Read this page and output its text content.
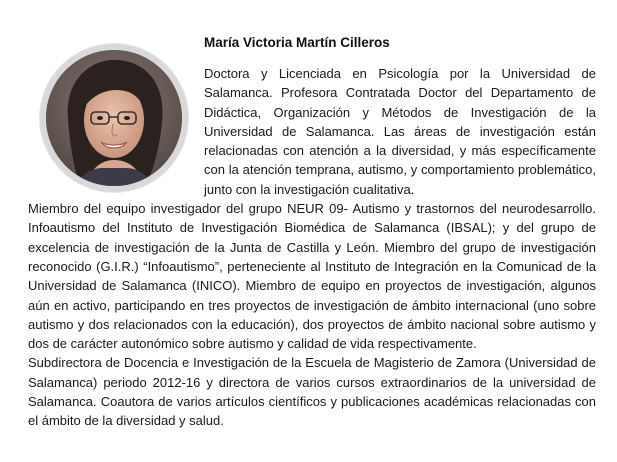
María Victoria Martín Cilleros

Doctora y Licenciada en Psicología por la Universidad de Salamanca. Profesora Contratada Doctor del Departamento de Didáctica, Organización y Métodos de Investigación de la Universidad de Salamanca. Las áreas de investigación están relacionadas con atención a la diversidad, y más específicamente con la atención temprana, autismo, y comportamiento problemático, junto con la investigación cualitativa.

Miembro del equipo investigador del grupo NEUR 09- Autismo y trastornos del neurodesarrollo. Infoautismo del Instituto de Investigación Biomédica de Salamanca (IBSAL); y del grupo de excelencia de investigación de la Junta de Castilla y León. Miembro del grupo de investigación reconocido (G.I.R.) “Infoautismo”, perteneciente al Instituto de Integración en la Comunicad de la Universidad de Salamanca (INICO). Miembro de equipo en proyectos de investigación, algunos aún en activo, participando en tres proyectos de investigación de ámbito internacional (uno sobre autismo y dos relacionados con la educación), dos proyectos de ámbito nacional sobre autismo y dos de carácter autonómico sobre autismo y calidad de vida respectivamente.

Subdirectora de Docencia e Investigación de la Escuela de Magisterio de Zamora (Universidad de Salamanca) periodo 2012-16 y directora de varios cursos extraordinarios de la universidad de Salamanca. Coautora de varios artículos científicos y publicaciones académicas relacionadas con el ámbito de la diversidad y salud.
